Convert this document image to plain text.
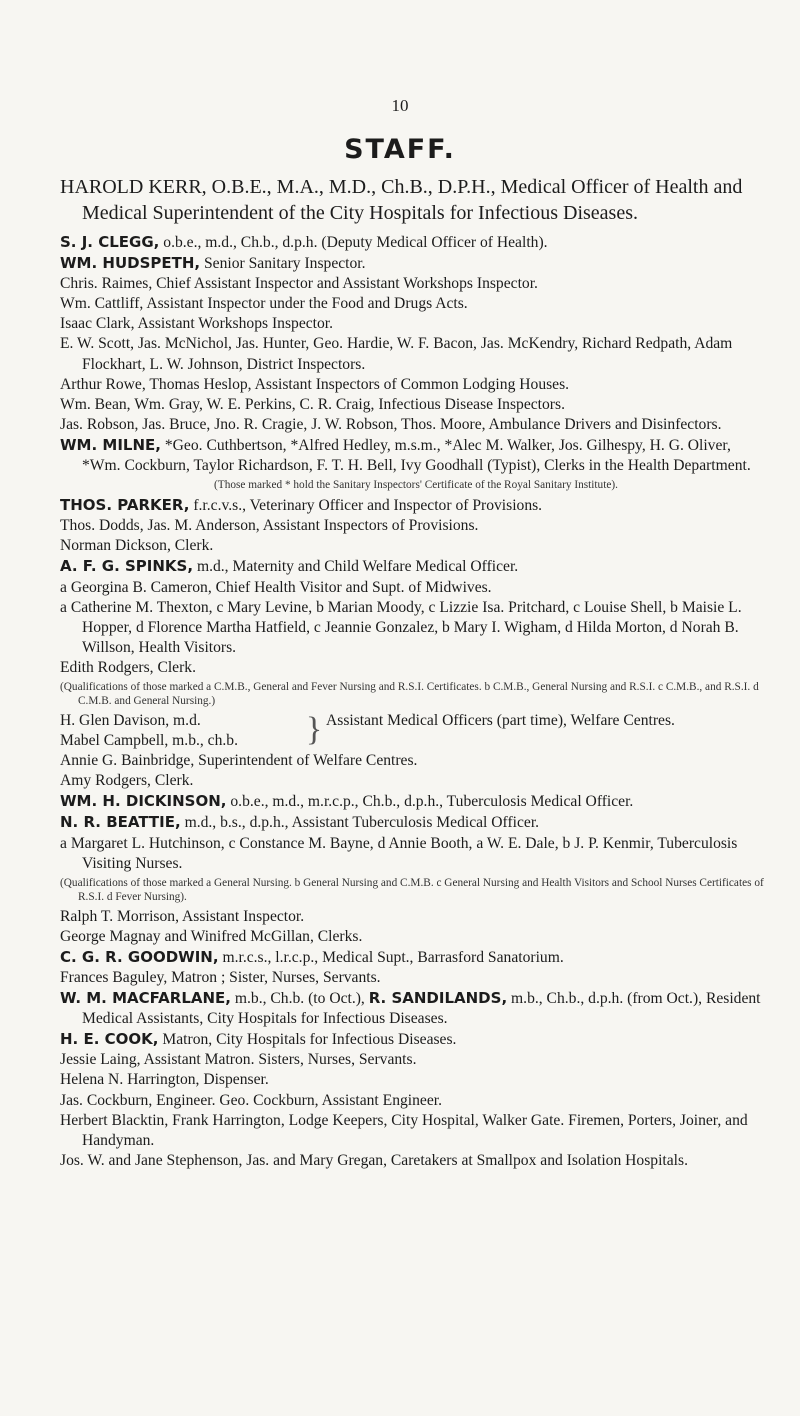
10
STAFF.

HAROLD KERR, O.B.E., M.A., M.D., Ch.B., D.P.H., Medical Officer of Health and Medical Superintendent of the City Hospitals for Infectious Diseases.

S. J. CLEGG, o.b.e., m.d., Ch.b., d.p.h. (Deputy Medical Officer of Health).

WM. HUDSPETH, Senior Sanitary Inspector.

Chris. Raimes, Chief Assistant Inspector and Assistant Workshops Inspector.

Wm. Cattliff, Assistant Inspector under the Food and Drugs Acts.

Isaac Clark, Assistant Workshops Inspector.

E. W. Scott, Jas. McNichol, Jas. Hunter, Geo. Hardie, W. F. Bacon, Jas. McKendry, Richard Redpath, Adam Flockhart, L. W. Johnson, District Inspectors.

Arthur Rowe, Thomas Heslop, Assistant Inspectors of Common Lodging Houses.

Wm. Bean, Wm. Gray, W. E. Perkins, C. R. Craig, Infectious Disease Inspectors.

Jas. Robson, Jas. Bruce, Jno. R. Cragie, J. W. Robson, Thos. Moore, Ambulance Drivers and Disinfectors.

WM. MILNE, *Geo. Cuthbertson, *Alfred Hedley, m.s.m., *Alec M. Walker, Jos. Gilhespy, H. G. Oliver, *Wm. Cockburn, Taylor Richardson, F. T. H. Bell, Ivy Goodhall (Typist), Clerks in the Health Department.

(Those marked * hold the Sanitary Inspectors' Certificate of the Royal Sanitary Institute).

THOS. PARKER, f.r.c.v.s., Veterinary Officer and Inspector of Provisions.

Thos. Dodds, Jas. M. Anderson, Assistant Inspectors of Provisions.

Norman Dickson, Clerk.

A. F. G. SPINKS, m.d., Maternity and Child Welfare Medical Officer.

a Georgina B. Cameron, Chief Health Visitor and Supt. of Midwives.

a Catherine M. Thexton, c Mary Levine, b Marian Moody, c Lizzie Isa. Pritchard, c Louise Shell, b Maisie L. Hopper, d Florence Martha Hatfield, c Jeannie Gonzalez, b Mary I. Wigham, d Hilda Morton, d Norah B. Willson, Health Visitors.

Edith Rodgers, Clerk.

(Qualifications of those marked a C.M.B., General and Fever Nursing and R.S.I. Certificates. b C.M.B., General Nursing and R.S.I. c C.M.B., and R.S.I. d C.M.B. and General Nursing.)

H. Glen Davison, m.d.
Mabel Campbell, m.b., ch.b.	} Assistant Medical Officers (part time), Welfare Centres.

Annie G. Bainbridge, Superintendent of Welfare Centres.

Amy Rodgers, Clerk.

WM. H. DICKINSON, o.b.e., m.d., m.r.c.p., Ch.b., d.p.h., Tuberculosis Medical Officer.

N. R. BEATTIE, m.d., b.s., d.p.h., Assistant Tuberculosis Medical Officer.

a Margaret L. Hutchinson, c Constance M. Bayne, d Annie Booth, a W. E. Dale, b J. P. Kenmir, Tuberculosis Visiting Nurses.

(Qualifications of those marked a General Nursing. b General Nursing and C.M.B. c General Nursing and Health Visitors and School Nurses Certificates of R.S.I. d Fever Nursing).

Ralph T. Morrison, Assistant Inspector.

George Magnay and Winifred McGillan, Clerks.

C. G. R. GOODWIN, m.r.c.s., l.r.c.p., Medical Supt., Barrasford Sanatorium.

Frances Baguley, Matron ; Sister, Nurses, Servants.

W. M. MACFARLANE, m.b., Ch.b. (to Oct.), R. SANDILANDS, m.b., Ch.b., d.p.h. (from Oct.), Resident Medical Assistants, City Hospitals for Infectious Diseases.

H. E. COOK, Matron, City Hospitals for Infectious Diseases.

Jessie Laing, Assistant Matron. Sisters, Nurses, Servants.

Helena N. Harrington, Dispenser.

Jas. Cockburn, Engineer. Geo. Cockburn, Assistant Engineer.

Herbert Blacktin, Frank Harrington, Lodge Keepers, City Hospital, Walker Gate. Firemen, Porters, Joiner, and Handyman.

Jos. W. and Jane Stephenson, Jas. and Mary Gregan, Caretakers at Smallpox and Isolation Hospitals.
